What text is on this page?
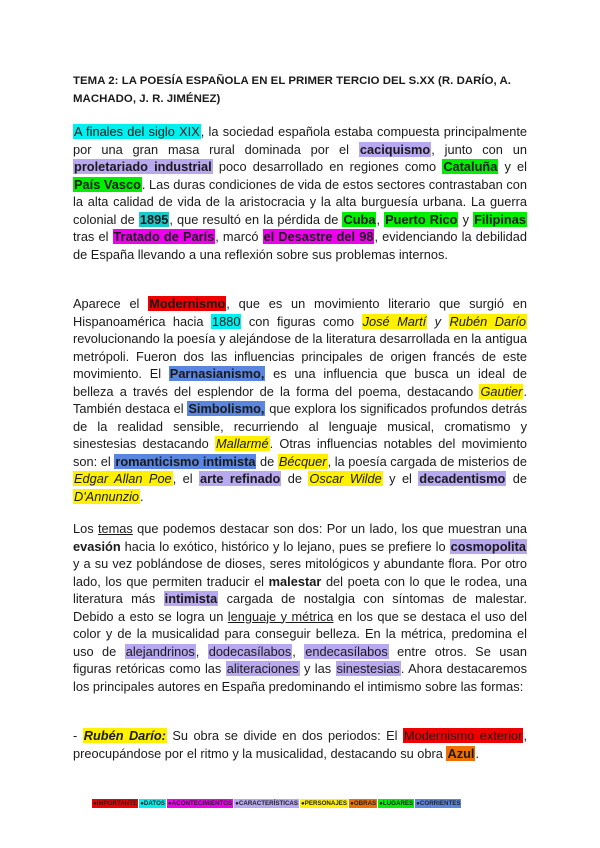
TEMA 2: LA POESÍA ESPAÑOLA EN EL PRIMER TERCIO DEL S.XX (R. DARÍO, A. MACHADO, J. R. JIMÉNEZ)
A finales del siglo XIX, la sociedad española estaba compuesta principalmente por una gran masa rural dominada por el caciquismo, junto con un proletariado industrial poco desarrollado en regiones como Cataluña y el País Vasco. Las duras condiciones de vida de estos sectores contrastaban con la alta calidad de vida de la aristocracia y la alta burguesía urbana. La guerra colonial de 1895, que resultó en la pérdida de Cuba, Puerto Rico y Filipinas tras el Tratado de París, marcó el Desastre del 98, evidenciando la debilidad de España llevando a una reflexión sobre sus problemas internos.
Aparece el Modernismo, que es un movimiento literario que surgió en Hispanoamérica hacia 1880 con figuras como José Martí y Rubén Darío revolucionando la poesía y alejándose de la literatura desarrollada en la antigua metrópoli. Fueron dos las influencias principales de origen francés de este movimiento. El Parnasianismo, es una influencia que busca un ideal de belleza a través del esplendor de la forma del poema, destacando Gautier. También destaca el Simbolismo, que explora los significados profundos detrás de la realidad sensible, recurriendo al lenguaje musical, cromatismo y sinestesias destacando Mallarmé. Otras influencias notables del movimiento son: el romanticismo intimista de Bécquer, la poesía cargada de misterios de Edgar Allan Poe, el arte refinado de Oscar Wilde y el decadentismo de D'Annunzio.
Los temas que podemos destacar son dos: Por un lado, los que muestran una evasión hacia lo exótico, histórico y lo lejano, pues se prefiere lo cosmopolita y a su vez poblándose de dioses, seres mitológicos y abundante flora. Por otro lado, los que permiten traducir el malestar del poeta con lo que le rodea, una literatura más intimista cargada de nostalgia con síntomas de malestar. Debido a esto se logra un lenguaje y métrica en los que se destaca el uso del color y de la musicalidad para conseguir belleza. En la métrica, predomina el uso de alejandrinos, dodecasílabos, endecasílabos entre otros. Se usan figuras retóricas como las aliteraciones y las sinestesias. Ahora destacaremos los principales autores en España predominando el intimismo sobre las formas:
- Rubén Darío: Su obra se divide en dos periodos: El Modernismo exterior, preocupándose por el ritmo y la musicalidad, destacando su obra Azul.
●IMPORTANTE ●DATOS ●ACONTECIMIENTOS ●CARACTERÍSTICAS ●PERSONAJES ●OBRAS ●LUGARES ●CORRIENTES
